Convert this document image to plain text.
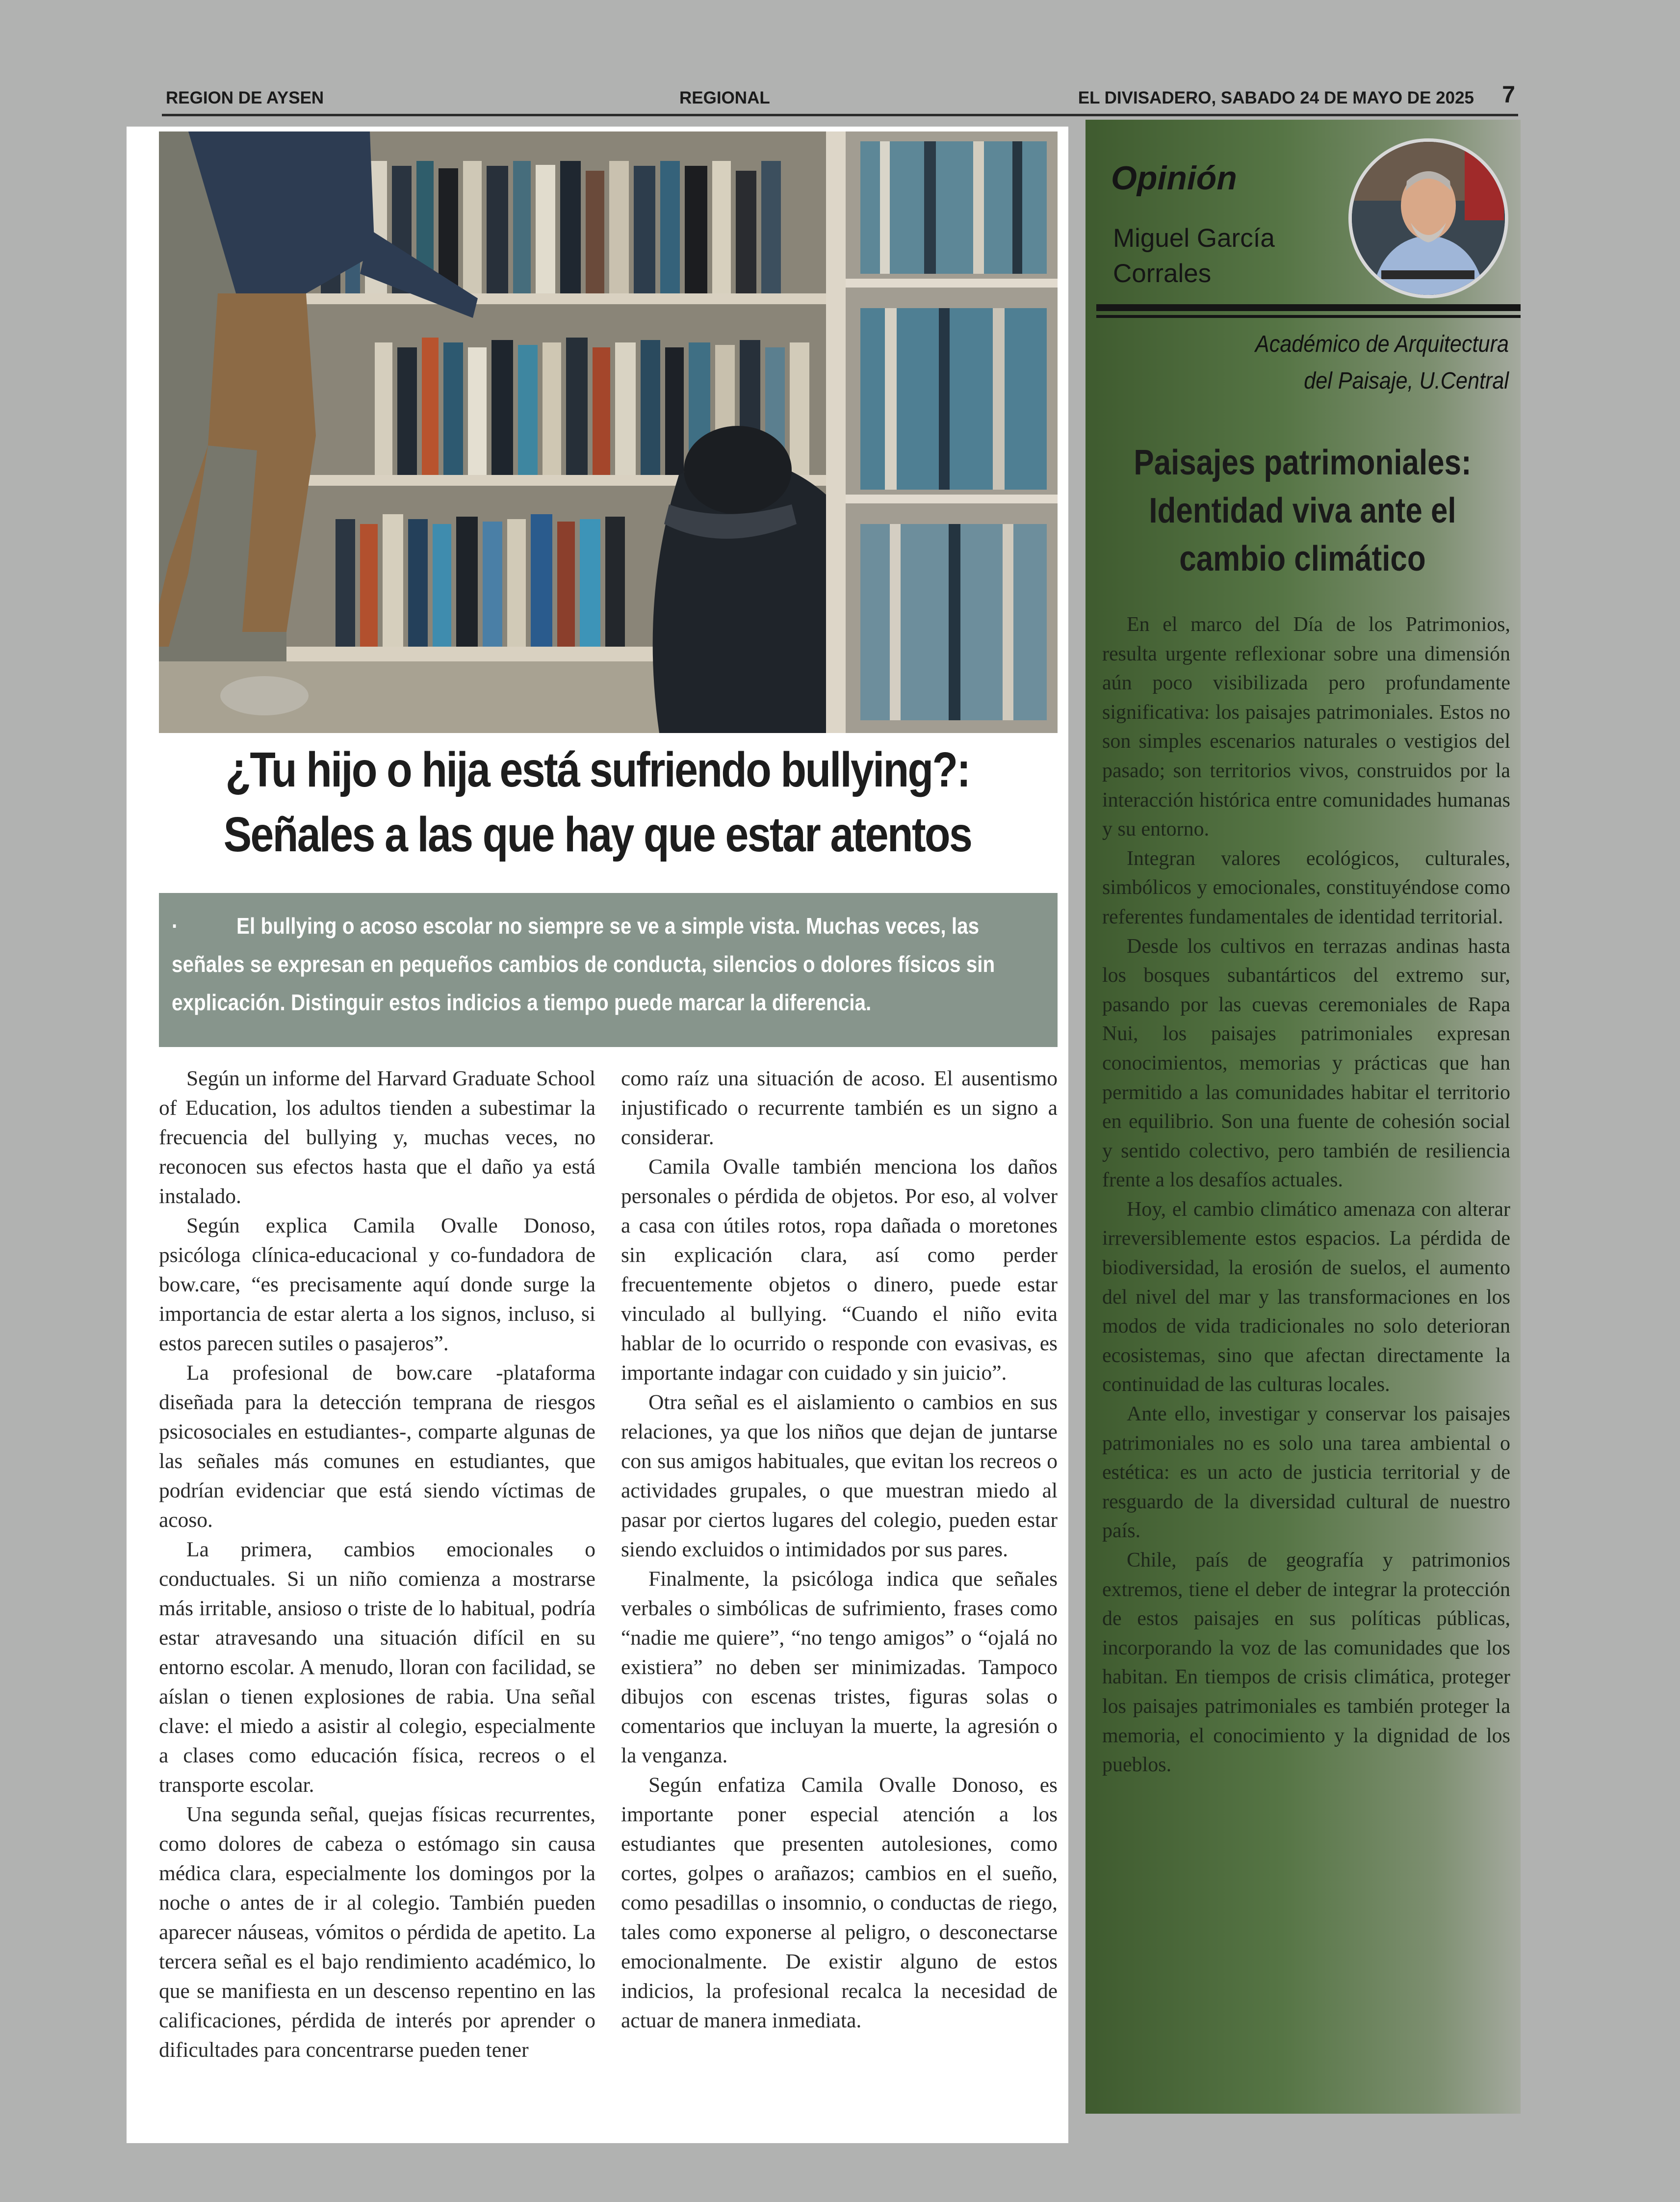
REGION DE AYSEN	REGIONAL	EL DIVISADERO, SABADO 24 DE MAYO DE 2025 7
¿Tu hijo o hija está sufriendo bullying?:
Señales a las que hay que estar atentos
·	El bullying o acoso escolar no siempre se ve a simple vista. Muchas veces, las señales se expresan en pequeños cambios de conducta, silencios o dolores físicos sin explicación. Distinguir estos indicios a tiempo puede marcar la diferencia.

Según un informe del Harvard Graduate School of Education, los adultos tienden a subestimar la frecuencia del bullying y, muchas veces, no reconocen sus efectos hasta que el daño ya está instalado.

Según explica Camila Ovalle Donoso, psicóloga clínica-educacional y co-fundadora de bow.care, “es precisamente aquí donde surge la importancia de estar alerta a los signos, incluso, si estos parecen sutiles o pasajeros”.

La profesional de bow.care -plataforma diseñada para la detección temprana de riesgos psicosociales en estudiantes-, comparte algunas de las señales más comunes en estudiantes, que podrían evidenciar que está siendo víctimas de acoso.

La primera, cambios emocionales o conductuales. Si un niño comienza a mostrarse más irritable, ansioso o triste de lo habitual, podría estar atravesando una situación difícil en su entorno escolar. A menudo, lloran con facilidad, se aíslan o tienen explosiones de rabia. Una señal clave: el miedo a asistir al colegio, especialmente a clases como educación física, recreos o el transporte escolar.

Una segunda señal, quejas físicas recurrentes, como dolores de cabeza o estómago sin causa médica clara, especialmente los domingos por la noche o antes de ir al colegio. También pueden aparecer náuseas, vómitos o pérdida de apetito. La tercera señal es el bajo rendimiento académico, lo que se manifiesta en un descenso repentino en las calificaciones, pérdida de interés por aprender o dificultades para concentrarse pueden tener

como raíz una situación de acoso. El ausentismo injustificado o recurrente también es un signo a considerar.

Camila Ovalle también menciona los daños personales o pérdida de objetos. Por eso, al volver a casa con útiles rotos, ropa dañada o moretones sin explicación clara, así como perder frecuentemente objetos o dinero, puede estar vinculado al bullying. “Cuando el niño evita hablar de lo ocurrido o responde con evasivas, es importante indagar con cuidado y sin juicio”.

Otra señal es el aislamiento o cambios en sus relaciones, ya que los niños que dejan de juntarse con sus amigos habituales, que evitan los recreos o actividades grupales, o que muestran miedo al pasar por ciertos lugares del colegio, pueden estar siendo excluidos o intimidados por sus pares.

Finalmente, la psicóloga indica que señales verbales o simbólicas de sufrimiento, frases como “nadie me quiere”, “no tengo amigos” o “ojalá no existiera” no deben ser minimizadas. Tampoco dibujos con escenas tristes, figuras solas o comentarios que incluyan la muerte, la agresión o la venganza.

Según enfatiza Camila Ovalle Donoso, es importante poner especial atención a los estudiantes que presenten autolesiones, como cortes, golpes o arañazos; cambios en el sueño, como pesadillas o insomnio, o conductas de riego, tales como exponerse al peligro, o desconectarse emocionalmente. De existir alguno de estos indicios, la profesional recalca la necesidad de actuar de manera inmediata.

Opinión
Miguel García
Corrales
Académico de Arquitectura
del Paisaje, U.Central
Paisajes patrimoniales:
Identidad viva ante el
cambio climático

En el marco del Día de los Patrimonios, resulta urgente reflexionar sobre una dimensión aún poco visibilizada pero profundamente significativa: los paisajes patrimoniales. Estos no son simples escenarios naturales o vestigios del pasado; son territorios vivos, construidos por la interacción histórica entre comunidades humanas y su entorno.

Integran valores ecológicos, culturales, simbólicos y emocionales, constituyéndose como referentes fundamentales de identidad territorial.

Desde los cultivos en terrazas andinas hasta los bosques subantárticos del extremo sur, pasando por las cuevas ceremoniales de Rapa Nui, los paisajes patrimoniales expresan conocimientos, memorias y prácticas que han permitido a las comunidades habitar el territorio en equilibrio. Son una fuente de cohesión social y sentido colectivo, pero también de resiliencia frente a los desafíos actuales.

Hoy, el cambio climático amenaza con alterar irreversiblemente estos espacios. La pérdida de biodiversidad, la erosión de suelos, el aumento del nivel del mar y las transformaciones en los modos de vida tradicionales no solo deterioran ecosistemas, sino que afectan directamente la continuidad de las culturas locales.

Ante ello, investigar y conservar los paisajes patrimoniales no es solo una tarea ambiental o estética: es un acto de justicia territorial y de resguardo de la diversidad cultural de nuestro país.

Chile, país de geografía y patrimonios extremos, tiene el deber de integrar la protección de estos paisajes en sus políticas públicas, incorporando la voz de las comunidades que los habitan. En tiempos de crisis climática, proteger los paisajes patrimoniales es también proteger la memoria, el conocimiento y la dignidad de los pueblos.
